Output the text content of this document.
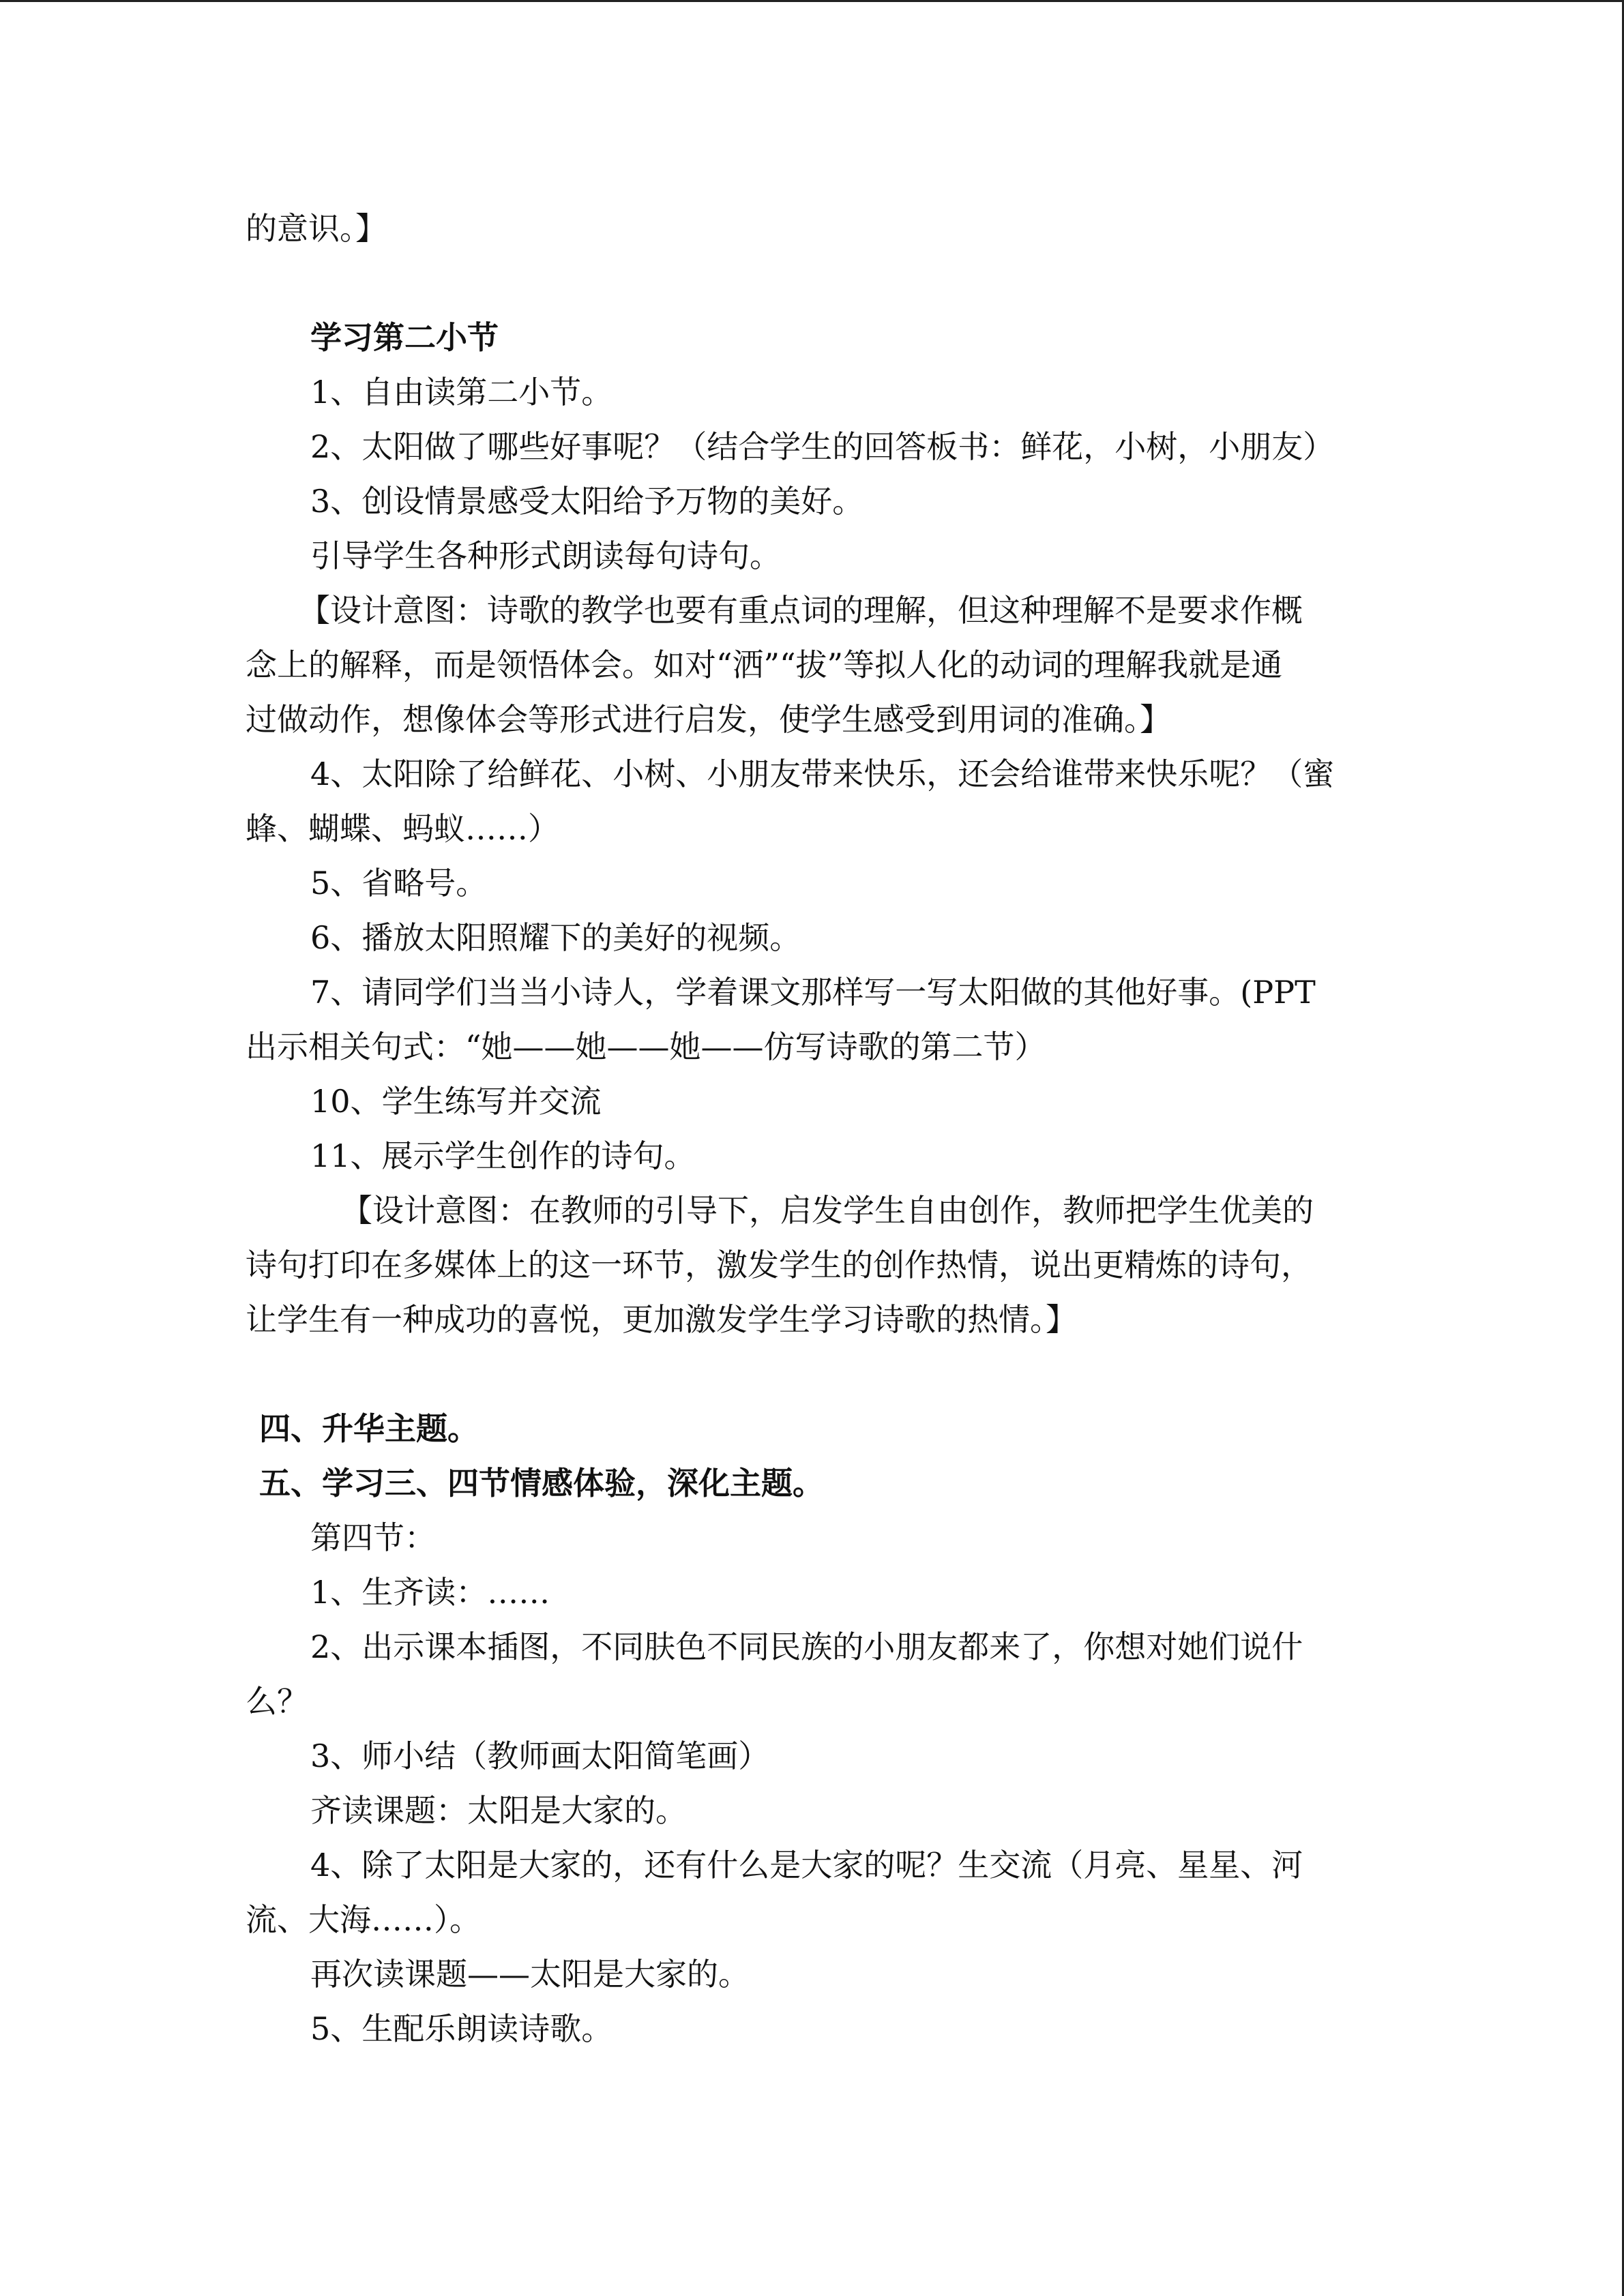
的意识。】
学习第二小节
1、自由读第二小节。
2、太阳做了哪些好事呢？（结合学生的回答板书：鲜花，小树，小朋友）
3、创设情景感受太阳给予万物的美好。
引导学生各种形式朗读每句诗句。
【设计意图：诗歌的教学也要有重点词的理解，但这种理解不是要求作概
念上的解释，而是领悟体会。如对“洒”“拔”等拟人化的动词的理解我就是通
过做动作，想像体会等形式进行启发，使学生感受到用词的准确。】
4、太阳除了给鲜花、小树、小朋友带来快乐，还会给谁带来快乐呢？（蜜
蜂、蝴蝶、蚂蚁……）
5、省略号。
6、播放太阳照耀下的美好的视频。
7、请同学们当当小诗人，学着课文那样写一写太阳做的其他好事。(PPT
出示相关句式：“她——她——她——仿写诗歌的第二节）
10、学生练写并交流
11、展示学生创作的诗句。
【设计意图：在教师的引导下，启发学生自由创作，教师把学生优美的
诗句打印在多媒体上的这一环节，激发学生的创作热情，说出更精炼的诗句，
让学生有一种成功的喜悦，更加激发学生学习诗歌的热情。】
四、升华主题。
五、学习三、四节情感体验，深化主题。
第四节：
1、生齐读：……
2、出示课本插图，不同肤色不同民族的小朋友都来了，你想对她们说什
么？
3、师小结（教师画太阳简笔画）
齐读课题：太阳是大家的。
4、除了太阳是大家的，还有什么是大家的呢？生交流（月亮、星星、河
流、大海……）。
再次读课题——太阳是大家的。
5、生配乐朗读诗歌。
